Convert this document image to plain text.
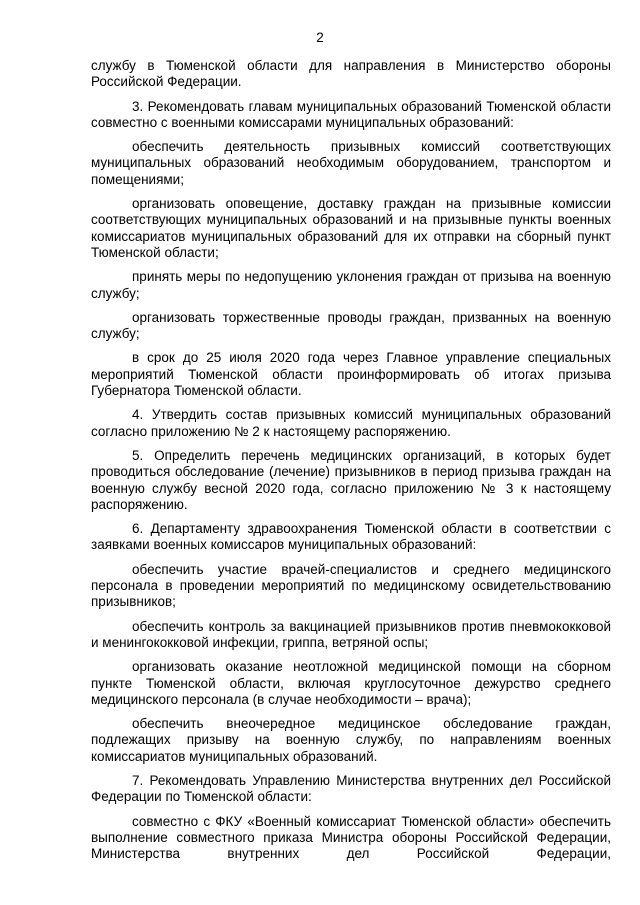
2

службу в Тюменской области для направления в Министерство обороны Российской Федерации.

3. Рекомендовать главам муниципальных образований Тюменской области совместно с военными комиссарами муниципальных образований:

обеспечить деятельность призывных комиссий соответствующих муниципальных образований необходимым оборудованием, транспортом и помещениями;

организовать оповещение, доставку граждан на призывные комиссии соответствующих муниципальных образований и на призывные пункты военных комиссариатов муниципальных образований для их отправки на сборный пункт Тюменской области;

принять меры по недопущению уклонения граждан от призыва на военную службу;

организовать торжественные проводы граждан, призванных на военную службу;

в срок до 25 июля 2020 года через Главное управление специальных мероприятий Тюменской области проинформировать об итогах призыва Губернатора Тюменской области.

4. Утвердить состав призывных комиссий муниципальных образований согласно приложению № 2 к настоящему распоряжению.

5. Определить перечень медицинских организаций, в которых будет проводиться обследование (лечение) призывников в период призыва граждан на военную службу весной 2020 года, согласно приложению № 3 к настоящему распоряжению.

6. Департаменту здравоохранения Тюменской области в соответствии с заявками военных комиссаров муниципальных образований:

обеспечить участие врачей-специалистов и среднего медицинского персонала в проведении мероприятий по медицинскому освидетельствованию призывников;

обеспечить контроль за вакцинацией призывников против пневмококковой и менингококковой инфекции, гриппа, ветряной оспы;

организовать оказание неотложной медицинской помощи на сборном пункте Тюменской области, включая круглосуточное дежурство среднего медицинского персонала (в случае необходимости – врача);

обеспечить внеочередное медицинское обследование граждан, подлежащих призыву на военную службу, по направлениям военных комиссариатов муниципальных образований.

7. Рекомендовать Управлению Министерства внутренних дел Российской Федерации по Тюменской области:

совместно с ФКУ «Военный комиссариат Тюменской области» обеспечить выполнение совместного приказа Министра обороны Российской Федерации, Министерства внутренних дел Российской Федерации,
